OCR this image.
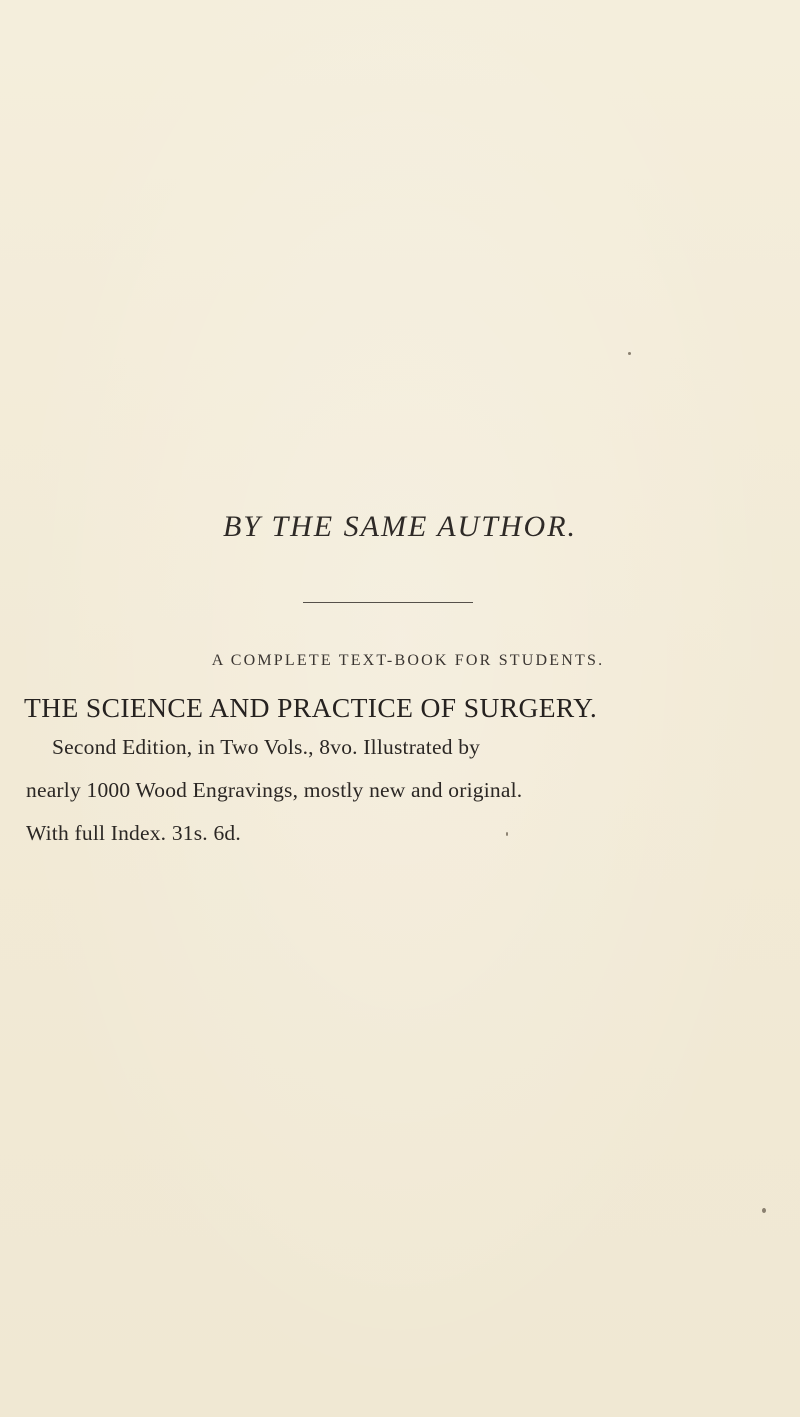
BY THE SAME AUTHOR.
A COMPLETE TEXT-BOOK FOR STUDENTS.
THE SCIENCE AND PRACTICE OF SURGERY.
Second Edition, in Two Vols., 8vo. Illustrated by
nearly 1000 Wood Engravings, mostly new and original.
With full Index. 31s. 6d.
